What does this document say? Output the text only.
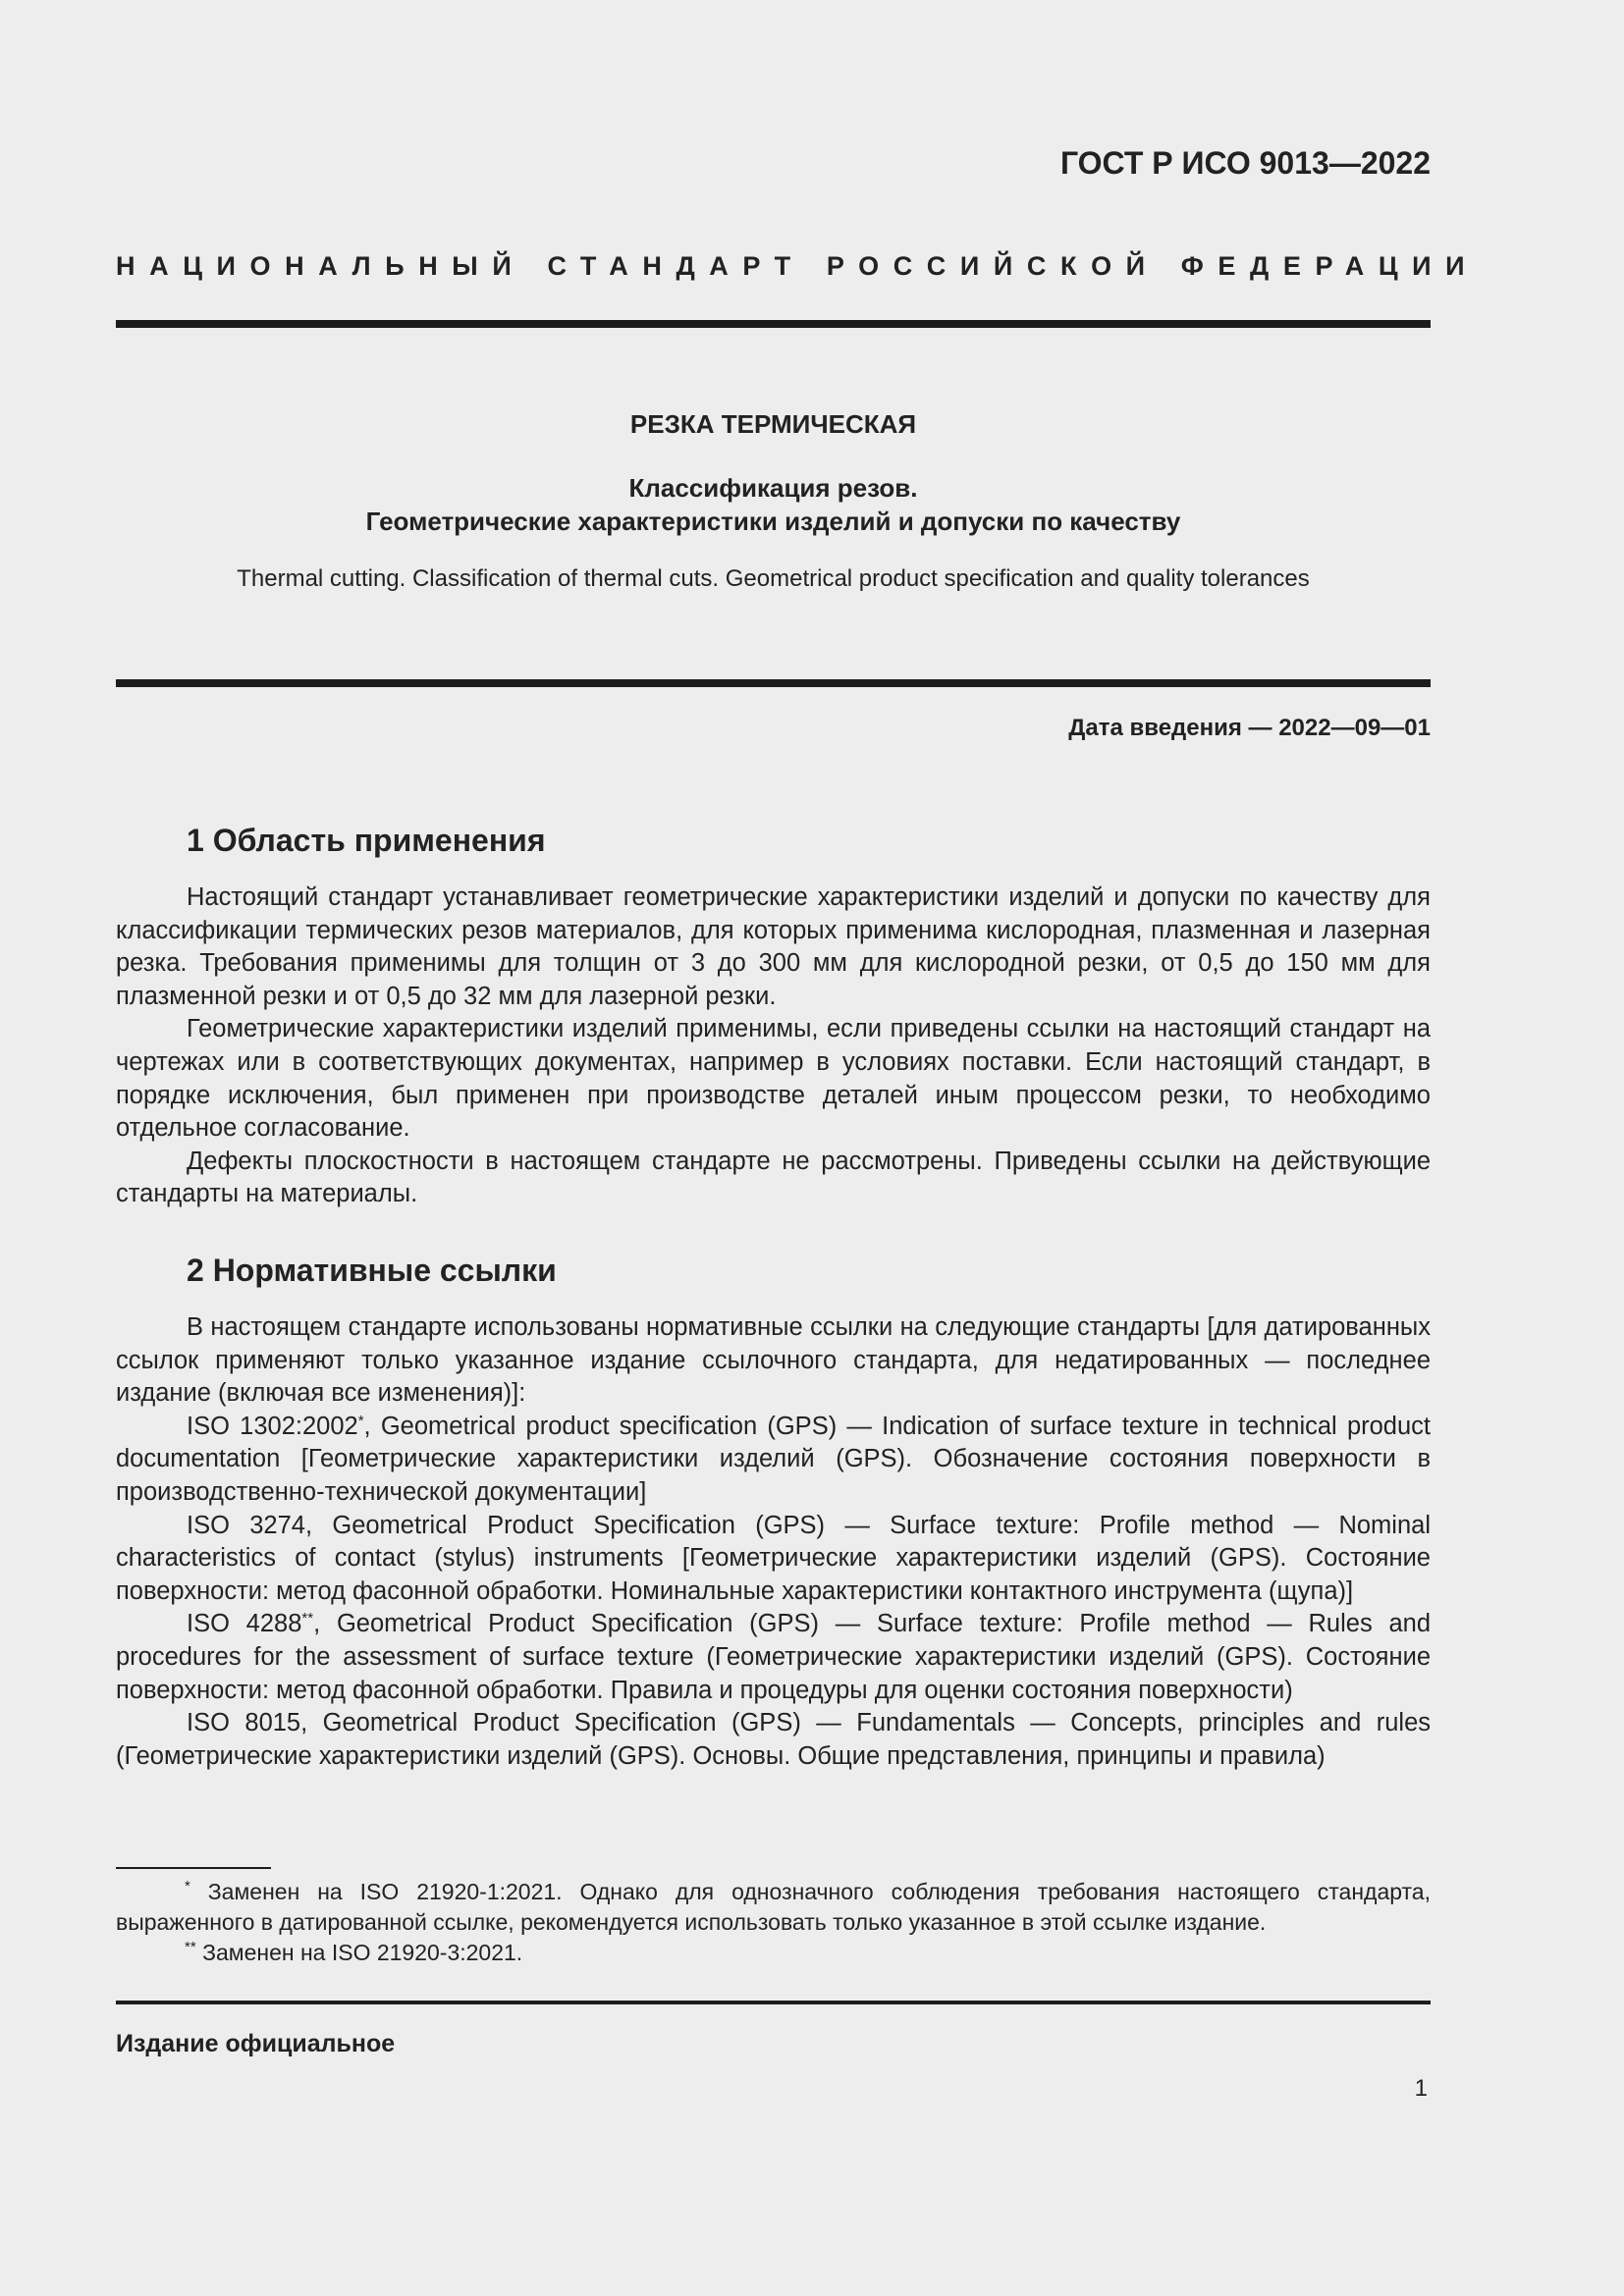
ГОСТ Р ИСО 9013—2022
НАЦИОНАЛЬНЫЙ СТАНДАРТ РОССИЙСКОЙ ФЕДЕРАЦИИ
РЕЗКА ТЕРМИЧЕСКАЯ
Классификация резов.
Геометрические характеристики изделий и допуски по качеству
Thermal cutting. Classification of thermal cuts. Geometrical product specification and quality tolerances
Дата введения — 2022—09—01
1 Область применения

Настоящий стандарт устанавливает геометрические характеристики изделий и допуски по качеству для классификации термических резов материалов, для которых применима кислородная, плазменная и лазерная резка. Требования применимы для толщин от 3 до 300 мм для кислородной резки, от 0,5 до 150 мм для плазменной резки и от 0,5 до 32 мм для лазерной резки.

Геометрические характеристики изделий применимы, если приведены ссылки на настоящий стандарт на чертежах или в соответствующих документах, например в условиях поставки. Если настоящий стандарт, в порядке исключения, был применен при производстве деталей иным процессом резки, то необходимо отдельное согласование.

Дефекты плоскостности в настоящем стандарте не рассмотрены. Приведены ссылки на действующие стандарты на материалы.

2 Нормативные ссылки

В настоящем стандарте использованы нормативные ссылки на следующие стандарты [для датированных ссылок применяют только указанное издание ссылочного стандарта, для недатированных — последнее издание (включая все изменения)]:

ISO 1302:2002*, Geometrical product specification (GPS) — Indication of surface texture in technical product documentation [Геометрические характеристики изделий (GPS). Обозначение состояния поверхности в производственно-технической документации]

ISO 3274, Geometrical Product Specification (GPS) — Surface texture: Profile method — Nominal characteristics of contact (stylus) instruments [Геометрические характеристики изделий (GPS). Состояние поверхности: метод фасонной обработки. Номинальные характеристики контактного инструмента (щупа)]

ISO 4288**, Geometrical Product Specification (GPS) — Surface texture: Profile method — Rules and procedures for the assessment of surface texture (Геометрические характеристики изделий (GPS). Состояние поверхности: метод фасонной обработки. Правила и процедуры для оценки состояния поверхности)

ISO 8015, Geometrical Product Specification (GPS) — Fundamentals — Concepts, principles and rules (Геометрические характеристики изделий (GPS). Основы. Общие представления, принципы и правила)

* Заменен на ISO 21920-1:2021. Однако для однозначного соблюдения требования настоящего стандарта, выраженного в датированной ссылке, рекомендуется использовать только указанное в этой ссылке издание.

** Заменен на ISO 21920-3:2021.

Издание официальное
1
